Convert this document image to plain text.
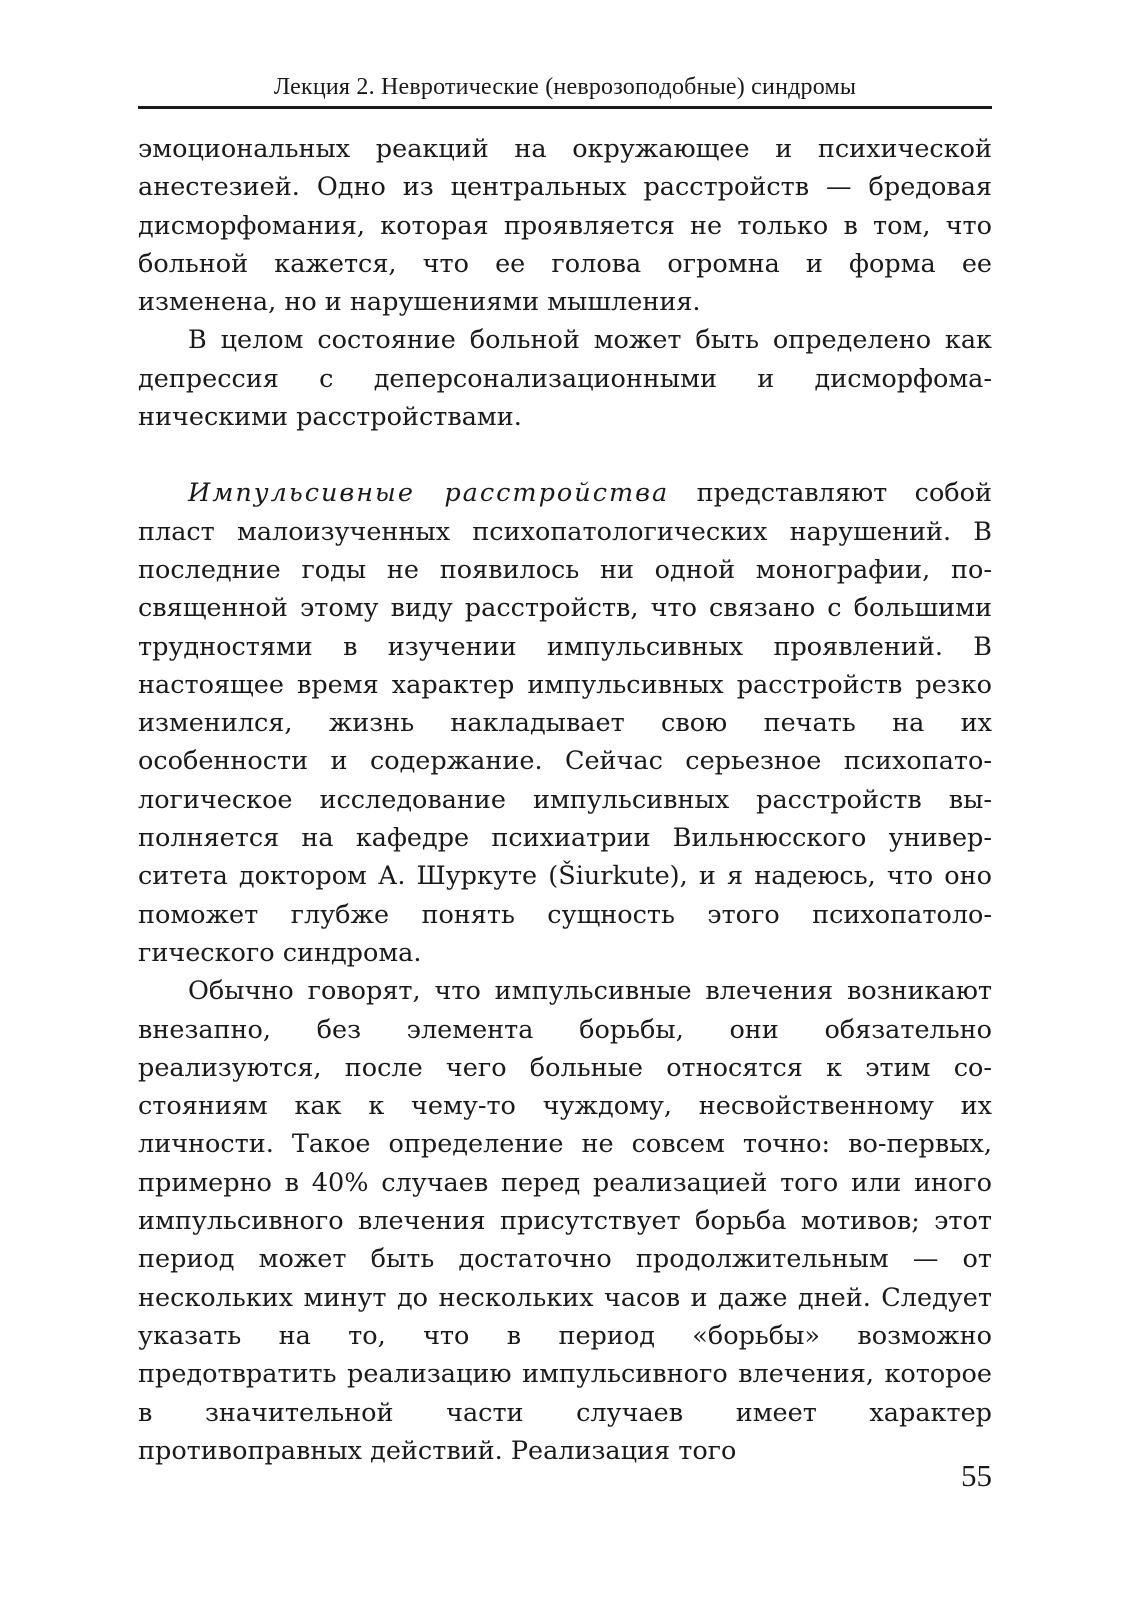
Лекция 2. Невротические (неврозоподобные) синдромы

эмоциональных реакций на окружающее и психической анестезией. Одно из центральных расстройств — бредовая дисморфомания, которая проявляется не только в том, что больной кажется, что ее голова огромна и форма ее изменена, но и нарушениями мышления.

В целом состояние больной может быть определено как депрессия с деперсонализационными и дисморфоманическими расстройствами.

Импульсивные расстройства представляют собой пласт малоизученных психопатологических нарушений. В последние годы не появилось ни одной монографии, посвященной этому виду расстройств, что связано с большими трудностями в изучении импульсивных проявлений. В настоящее время характер импульсивных расстройств резко изменился, жизнь накладывает свою печать на их особенности и содержание. Сейчас серьезное психопатологическое исследование импульсивных расстройств выполняется на кафедре психиатрии Вильнюсского университета доктором А. Шуркуте (Šiurkute), и я надеюсь, что оно поможет глубже понять сущность этого психопатологического синдрома.

Обычно говорят, что импульсивные влечения возникают внезапно, без элемента борьбы, они обязательно реализуются, после чего больные относятся к этим состояниям как к чему-то чуждому, несвойственному их личности. Такое определение не совсем точно: во-первых, примерно в 40% случаев перед реализацией того или иного импульсивного влечения присутствует борьба мотивов; этот период может быть достаточно продолжительным — от нескольких минут до нескольких часов и даже дней. Следует указать на то, что в период «борьбы» возможно предотвратить реализацию импульсивного влечения, которое в значительной части случаев имеет характер противоправных действий. Реализация того

55
